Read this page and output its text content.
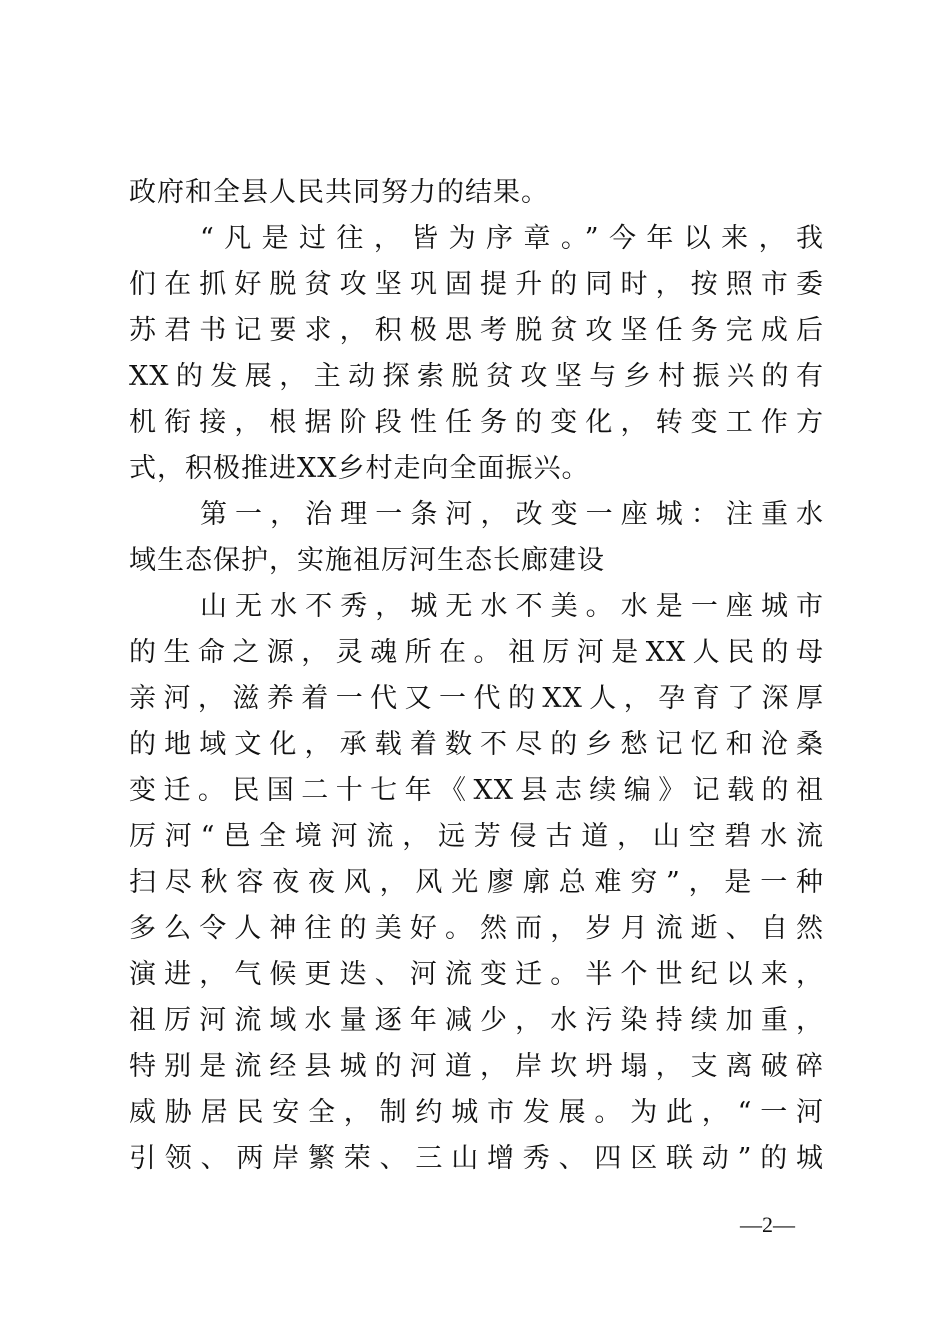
政府和全县人民共同努力的结果。
“凡是过往，皆为序章。”今年以来，我
们在抓好脱贫攻坚巩固提升的同时，按照市委
苏君书记要求，积极思考脱贫攻坚任务完成后
XX的发展，主动探索脱贫攻坚与乡村振兴的有
机衔接，根据阶段性任务的变化，转变工作方
式，积极推进XX乡村走向全面振兴。
第一，治理一条河，改变一座城：注重水
域生态保护，实施祖厉河生态长廊建设
山无水不秀，城无水不美。水是一座城市
的生命之源，灵魂所在。祖厉河是XX人民的母
亲河，滋养着一代又一代的XX人，孕育了深厚
的地域文化，承载着数不尽的乡愁记忆和沧桑
变迁。民国二十七年《XX县志续编》记载的祖
厉河“邑全境河流，远芳侵古道，山空碧水流
扫尽秋容夜夜风，风光廖廓总难穷”，是一种
多么令人神往的美好。然而，岁月流逝、自然
演进，气候更迭、河流变迁。半个世纪以来，
祖厉河流域水量逐年减少，水污染持续加重，
特别是流经县城的河道，岸坎坍塌，支离破碎
威胁居民安全，制约城市发展。为此，“一河
引领、两岸繁荣、三山增秀、四区联动”的城
—2—
